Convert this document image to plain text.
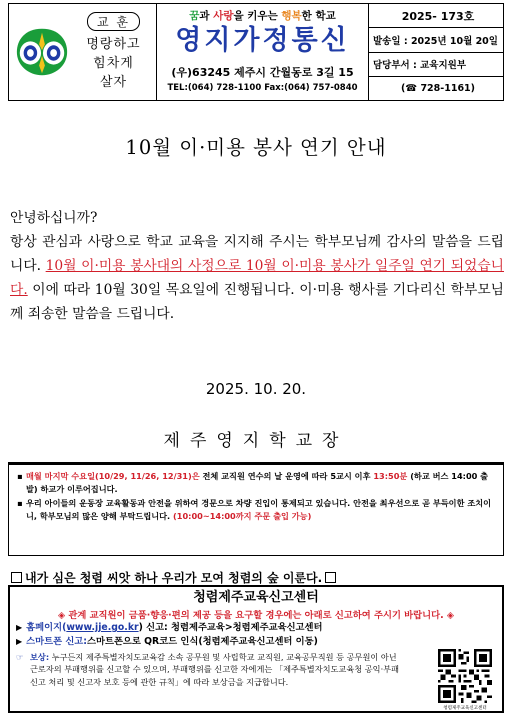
교 훈
명랑하고
힘차게
살자
꿈과 사랑을 키우는 행복한 학교
영지가정통신
(우)63245 제주시 간월동로 3길 15
TEL:(064) 728-1100 Fax:(064) 757-0840
2025- 173호
발송일 : 2025년 10월 20일
담당부서 : 교육지원부
(☎ 728-1161)
10월 이·미용 봉사 연기 안내
안녕하십니까?
항상 관심과 사랑으로 학교 교육을 지지해 주시는 학부모님께 감사의 말씀을 드립니다. 10월 이·미용 봉사대의 사정으로 10월 이·미용 봉사가 일주일 연기 되었습니다. 이에 따라 10월 30일 목요일에 진행됩니다. 이·미용 행사를 기다리신 학부모님께 죄송한 말씀을 드립니다.
2025. 10. 20.
제주영지학교장
▪ 매월 마지막 수요일(10/29, 11/26, 12/31)은 전체 교직원 연수의 날 운영에 따라 5교시 이후 13:50분 (하교 버스 14:00 출발) 하교가 이루어집니다.
▪ 우리 아이들의 운동장 교육활동과 안전을 위하여 경문으로 차량 진입이 통제되고 있습니다. 안전을 최우선으로 곧 부득이한 조치이니, 학부모님의 많은 양해 부탁드립니다. (10:00~14:00까지 주문 출입 가능)
내가 심은 청렴 씨앗 하나 우리가 모여 청렴의 숲 이룬다.
청렴제주교육신고센터
◈ 관계 교직원이 금품·향응·편의 제공 등을 요구할 경우에는 아래로 신고하여 주시기 바랍니다. ◈
▶ 홈페이지( www.jje.go.kr ) 신고: 청렴제주교육>청렴제주교육신고센터
▶ 스마트폰 신고: 스마트폰으로 QR코드 인식(청렴제주교육신고센터 이동)
☞ 보상: 누구든지 제주특별자치도교육감 소속 공무원 및 사립학교 교직원, 교육공무직원 등 공무원이 아닌 근로자의 부패행위를 신고할 수 있으며, 부패행위를 신고한 자에게는 「제주특별자치도교육청 공익·부패 신고 처리 및 신고자 보호 등에 관한 규칙」에 따라 보상금을 지급합니다.
청렴제주교육신고센터
